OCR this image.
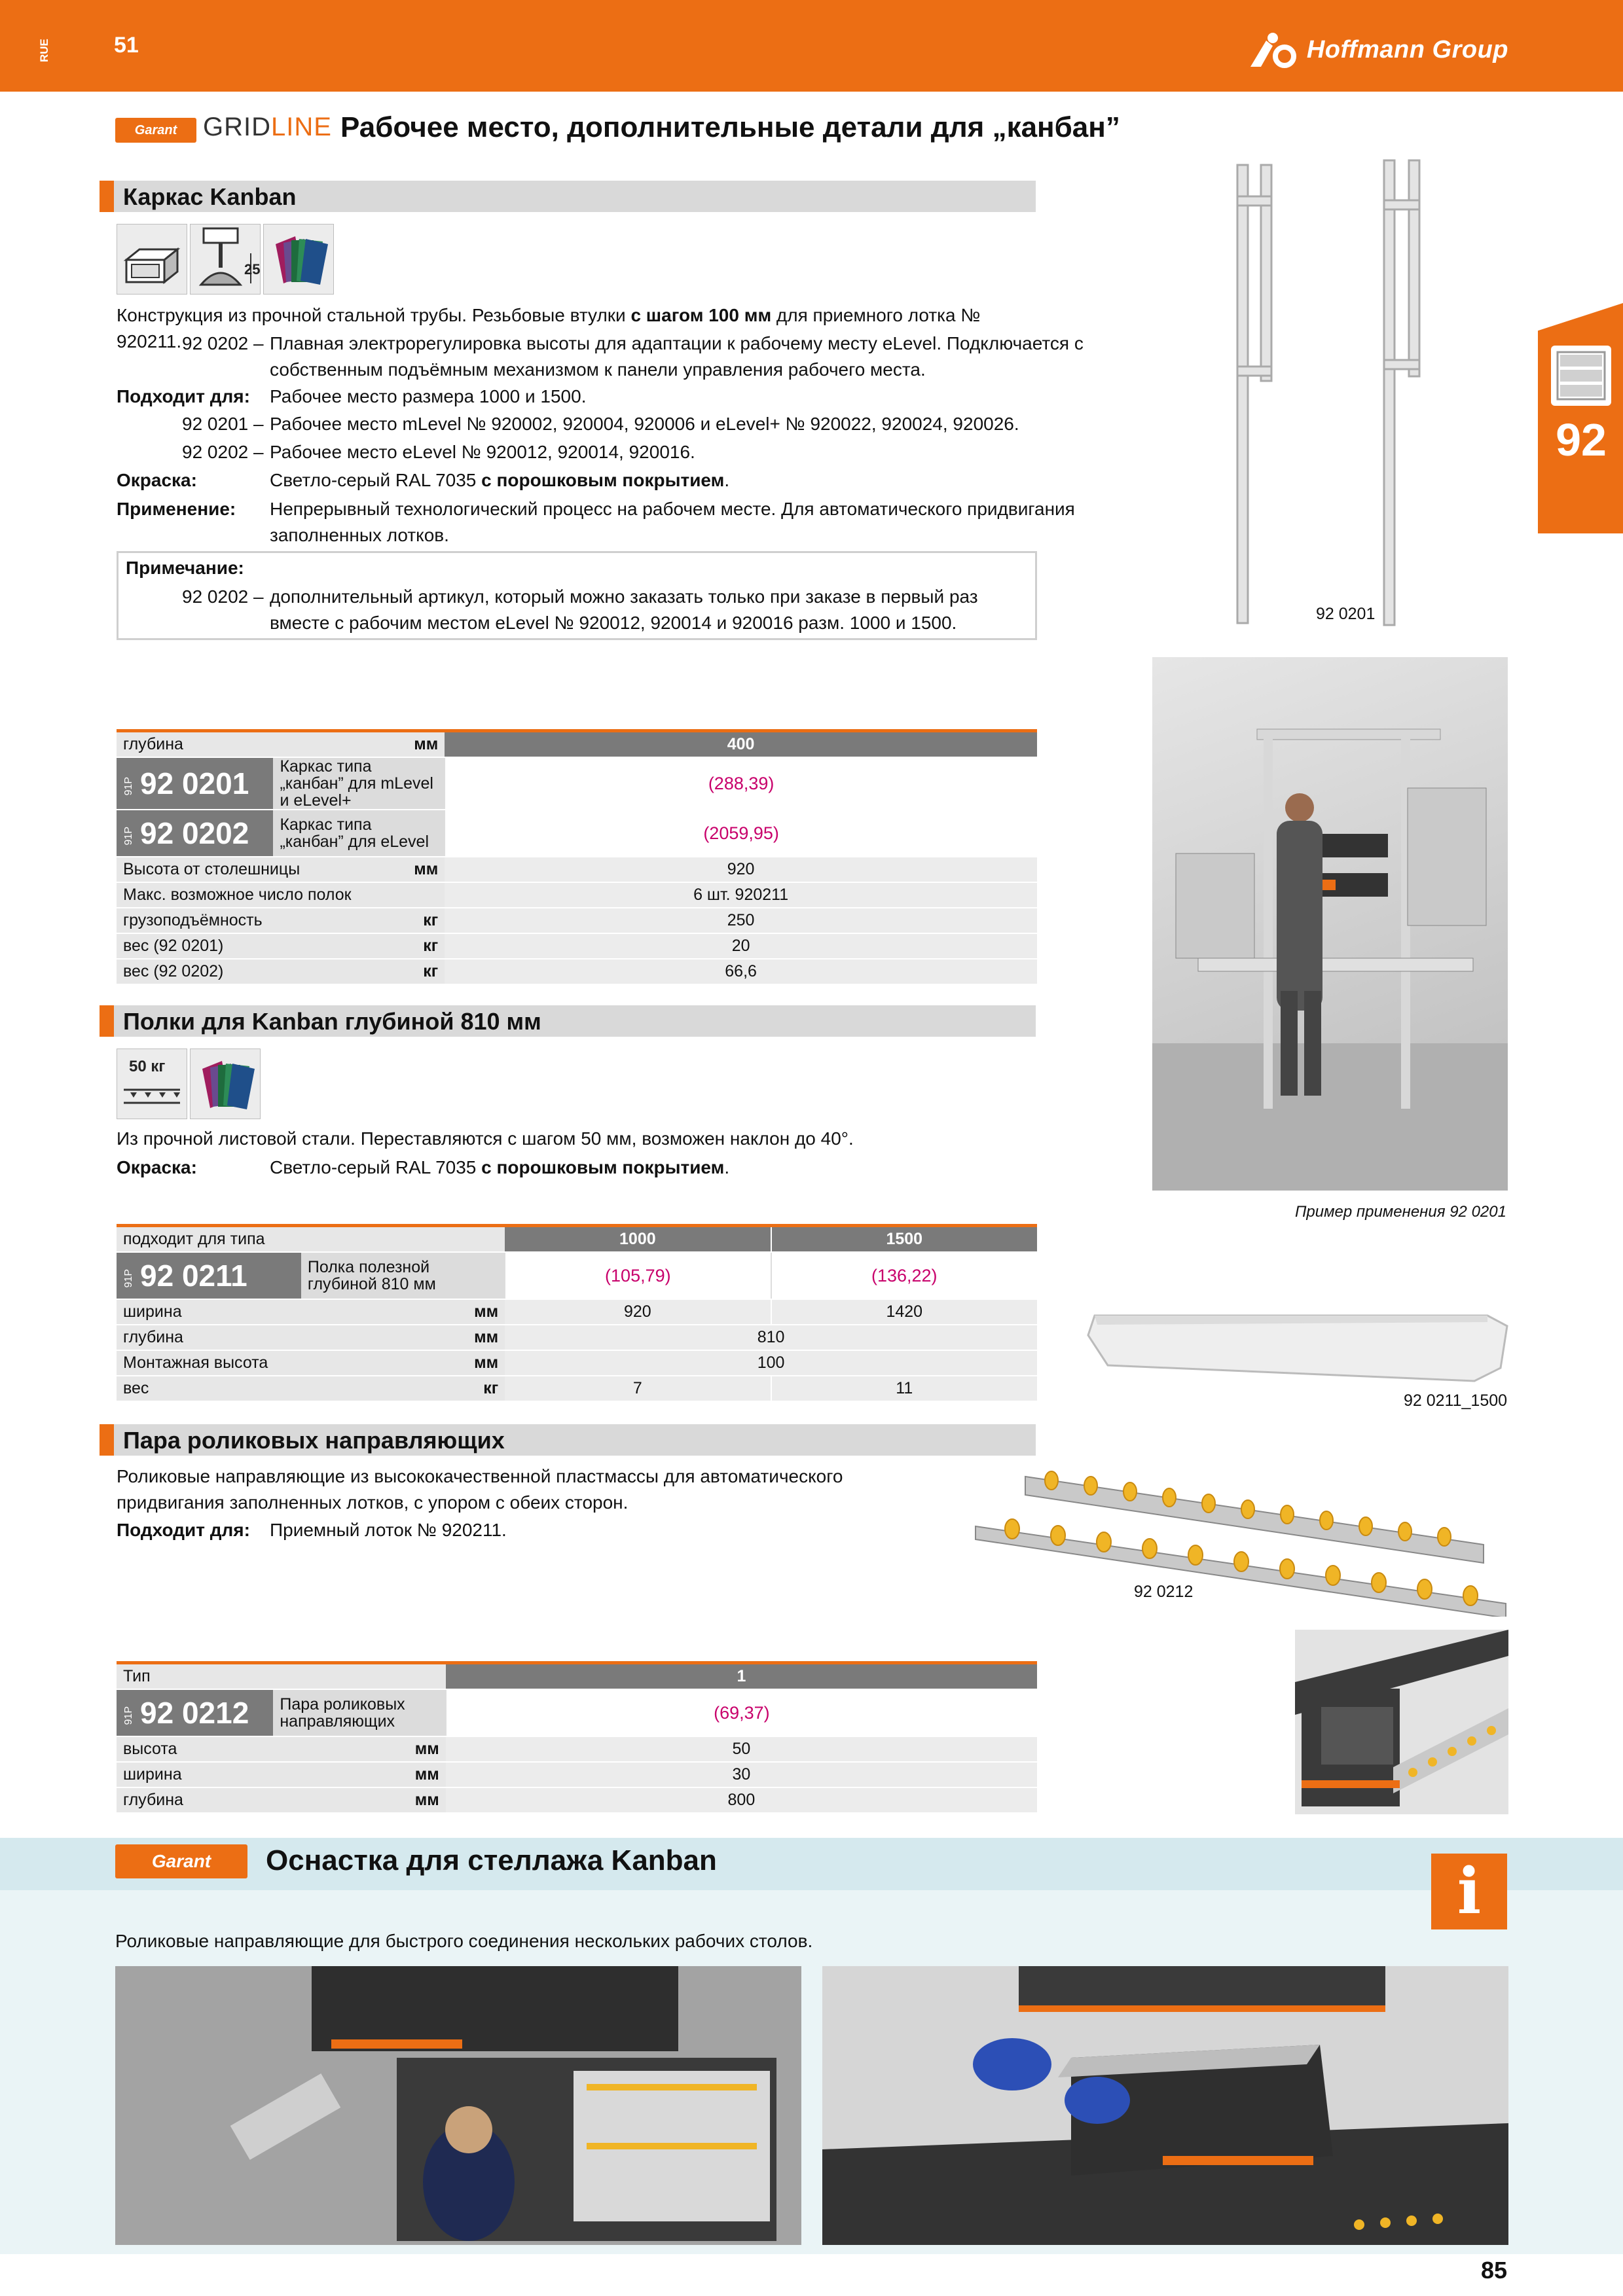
RUE	51	Hoffmann Group
92
Garant GRIDLINE Рабочее место, дополнительные детали для „канбан”
Каркас Kanban
25
Конструкция из прочной стальной трубы. Резьбовые втулки с шагом 100 мм для приемного лотка № 920211. 92 0202 – Плавная электрорегулировка высоты для адаптации к рабочему месту eLevel. Подключается с собственным подъёмным механизмом к панели управления рабочего места.
Подходит для: Рабочее место размера 1000 и 1500.
92 0201 – Рабочее место mLevel № 920002, 920004, 920006 и eLevel+ № 920022, 920024, 920026.
92 0202 – Рабочее место eLevel № 920012, 920014, 920016.
Окраска:	Светло-серый RAL 7035 с порошковым покрытием.
Применение: Непрерывный технологический процесс на рабочем месте. Для автоматического придвигания заполненных лотков.
Примечание:
92 0202 – дополнительный артикул, который можно заказать только при заказе в первый раз вместе с рабочим местом eLevel № 920012, 920014 и 920016 разм. 1000 и 1500.	92 0201
глубина		мм	400
91P 92 0201	Каркас типа „канбан” для mLevel и eLevel+		(288,39)
91P 92 0202	Каркас типа „канбан” для eLevel		(2059,95)
Высота от столешницы		мм	920
Макс. возможное число полок			6 шт. 920211
грузоподъёмность		кг	250
вес (92 0201)		кг	20
вес (92 0202)		кг	66,6
Пример применения 92 0201
Полки для Kanban глубиной 810 мм
50 кг
Из прочной листовой стали. Переставляются с шагом 50 мм, возможен наклон до 40°.
Окраска:	Светло-серый RAL 7035 с порошковым покрытием.
подходит для типа			1000	1500
91P 92 0211	Полка полезной глубиной 810 мм		(105,79)	(136,22)
ширина		мм	920	1420
глубина		мм	810	
Монтажная высота		мм	100	
вес		кг	7	11
92 0211_1500
Пара роликовых направляющих
Роликовые направляющие из высококачественной пластмассы для автоматического придвигания заполненных лотков, с упором с обеих сторон.
Подходит для: Приемный лоток № 920211.
92 0212
Тип			1
91P 92 0212	Пара роликовых направляющих		(69,37)
высота		мм	50
ширина		мм	30
глубина		мм	800
Garant Оснастка для стеллажа Kanban	i
Роликовые направляющие для быстрого соединения нескольких рабочих столов.
85
